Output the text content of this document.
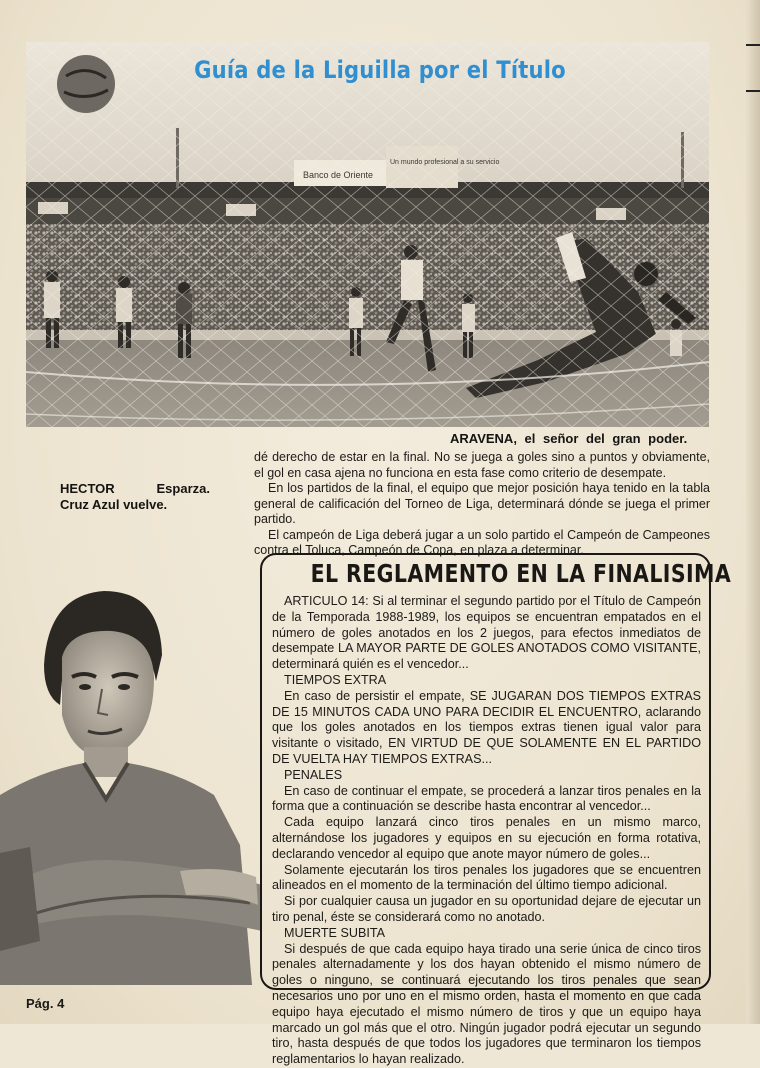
Banco de Oriente
Un mundo profesional a su servicio
Guía de la Liguilla por el Título
ARAVENA, el señor del gran poder.
HECTOR	Esparza.
Cruz Azul vuelve.

dé derecho de estar en la final. No se juega a goles sino a puntos y obviamente, el gol en casa ajena no funciona en esta fase como criterio de desempate.

En los partidos de la final, el equipo que mejor posición haya tenido en la tabla general de calificación del Torneo de Liga, determinará dónde se juega el primer partido.

El campeón de Liga deberá jugar a un solo partido el Campeón de Campeones contra el Toluca, Campeón de Copa, en plaza a determinar.

EL REGLAMENTO EN LA FINALISIMA

ARTICULO 14: Si al terminar el segundo partido por el Título de Campeón de la Temporada 1988-1989, los equipos se encuentran empatados en el número de goles anotados en los 2 juegos, para efectos inmediatos de desempate LA MAYOR PARTE DE GOLES ANOTADOS COMO VISITANTE, determinará quién es el vencedor...

TIEMPOS EXTRA

En caso de persistir el empate, SE JUGARAN DOS TIEMPOS EXTRAS DE 15 MINUTOS CADA UNO PARA DECIDIR EL ENCUENTRO, aclarando que los goles anotados en los tiempos extras tienen igual valor para visitante o visitado, EN VIRTUD DE QUE SOLAMENTE EN EL PARTIDO DE VUELTA HAY TIEMPOS EXTRAS...

PENALES

En caso de continuar el empate, se procederá a lanzar tiros penales en la forma que a continuación se describe hasta encontrar al vencedor...

Cada equipo lanzará cinco tiros penales en un mismo marco, alternándose los jugadores y equipos en su ejecución en forma rotativa, declarando vencedor al equipo que anote mayor número de goles...

Solamente ejecutarán los tiros penales los jugadores que se encuentren alineados en el momento de la terminación del último tiempo adicional.

Si por cualquier causa un jugador en su oportunidad dejare de ejecutar un tiro penal, éste se considerará como no anotado.

MUERTE SUBITA

Si después de que cada equipo haya tirado una serie única de cinco tiros penales alternadamente y los dos hayan obtenido el mismo número de goles o ninguno, se continuará ejecutando los tiros penales que sean necesarios uno por uno en el mismo orden, hasta el momento en que cada equipo haya ejecutado el mismo número de tiros y que un equipo haya marcado un gol más que el otro. Ningún jugador podrá ejecutar un segundo tiro, hasta después de que todos los jugadores que terminaron los tiempos reglamentarios lo hayan realizado.

Pág. 4
